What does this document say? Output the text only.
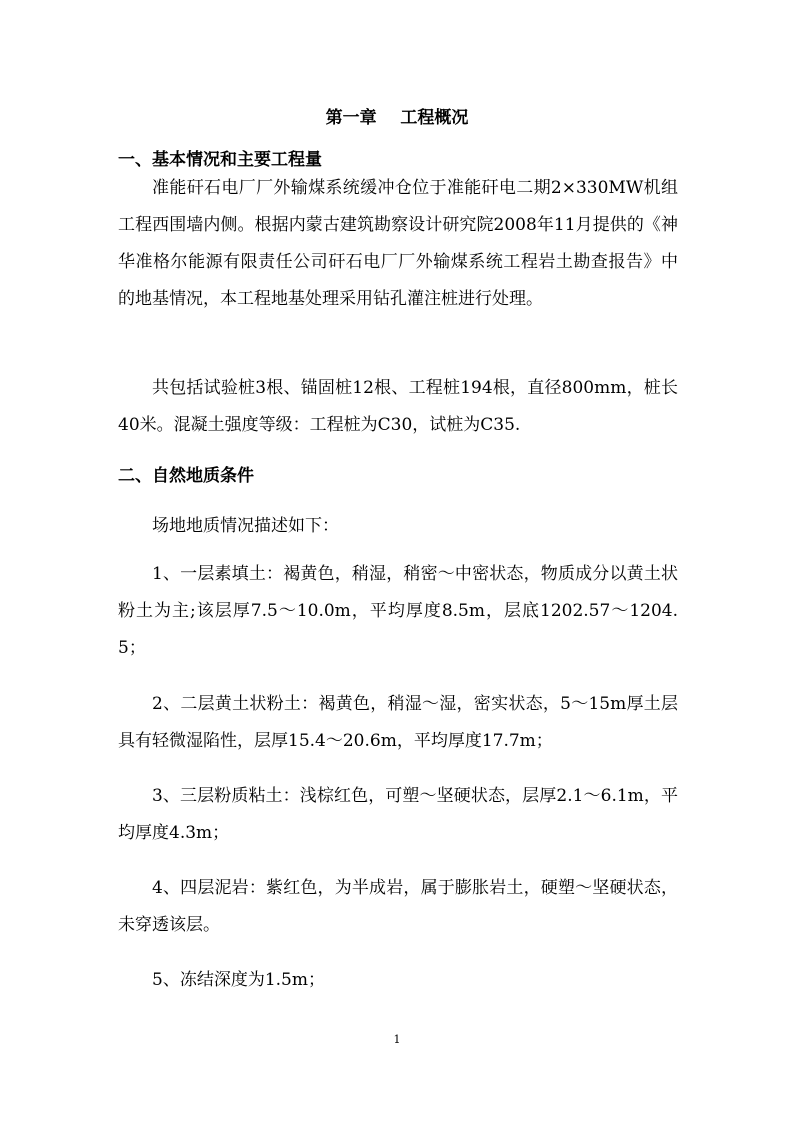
第一章    工程概况
一、基本情况和主要工程量

准能矸石电厂厂外输煤系统缓冲仓位于准能矸电二期2×330MW机组工程西围墙内侧。根据内蒙古建筑勘察设计研究院2008年11月提供的《神华准格尔能源有限责任公司矸石电厂厂外输煤系统工程岩土勘查报告》中的地基情况，本工程地基处理采用钻孔灌注桩进行处理。

共包括试验桩3根、锚固桩12根、工程桩194根，直径800mm，桩长40米。混凝土强度等级：工程桩为C30，试桩为C35.

二、自然地质条件

场地地质情况描述如下：

1、一层素填土：褐黄色，稍湿，稍密～中密状态，物质成分以黄土状粉土为主;该层厚7.5～10.0m，平均厚度8.5m，层底1202.57～1204.5；

2、二层黄土状粉土：褐黄色，稍湿～湿，密实状态，5～15m厚土层具有轻微湿陷性，层厚15.4～20.6m，平均厚度17.7m；

3、三层粉质粘土：浅棕红色，可塑～坚硬状态，层厚2.1～6.1m，平均厚度4.3m；

4、四层泥岩：紫红色，为半成岩，属于膨胀岩土，硬塑～坚硬状态，未穿透该层。

5、冻结深度为1.5m；

1
